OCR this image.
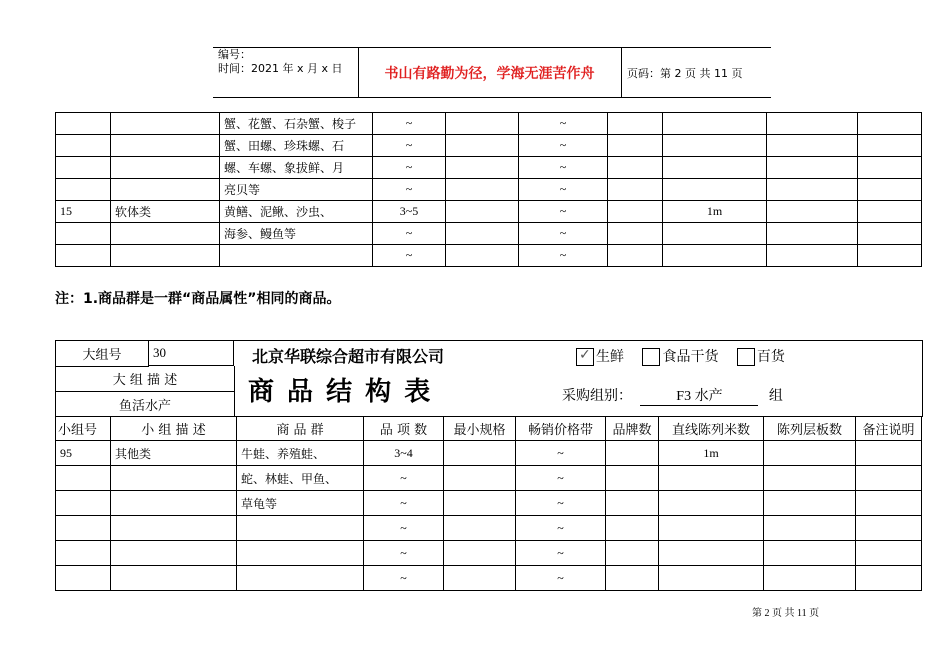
编号：
时间：2021 年 x 月 x 日	书山有路勤为径，学海无涯苦作舟	页码：第 2 页 共 11 页
		蟹、花蟹、石杂蟹、梭子	~		~				
		蟹、田螺、珍珠螺、石	~		~				
		螺、车螺、象拔鲜、月	~		~				
		亮贝等	~		~				
15	软体类	黄鳝、泥鳅、沙虫、	3~5		~		1m		
		海参、鳗鱼等	~		~				
			~		~				
注：1.商品群是一群“商品属性”相同的商品。
大组号	30
大 组 描 述
鱼活水产
北京华联综合超市有限公司
商 品 结 构 表
✓ 生鲜	食品干货	百货
采购组别：	F3 水产	组
小组号	小 组 描 述	商 品 群	品 项 数	最小规格	畅销价格带	品牌数	直线陈列米数	陈列层板数	备注说明
95	其他类	牛蛙、养殖蛙、	3~4		~		1m		
		蛇、林蛙、甲鱼、	~		~				
		草龟等	~		~				
			~		~				
			~		~				
			~		~				
第 2 页 共 11 页
